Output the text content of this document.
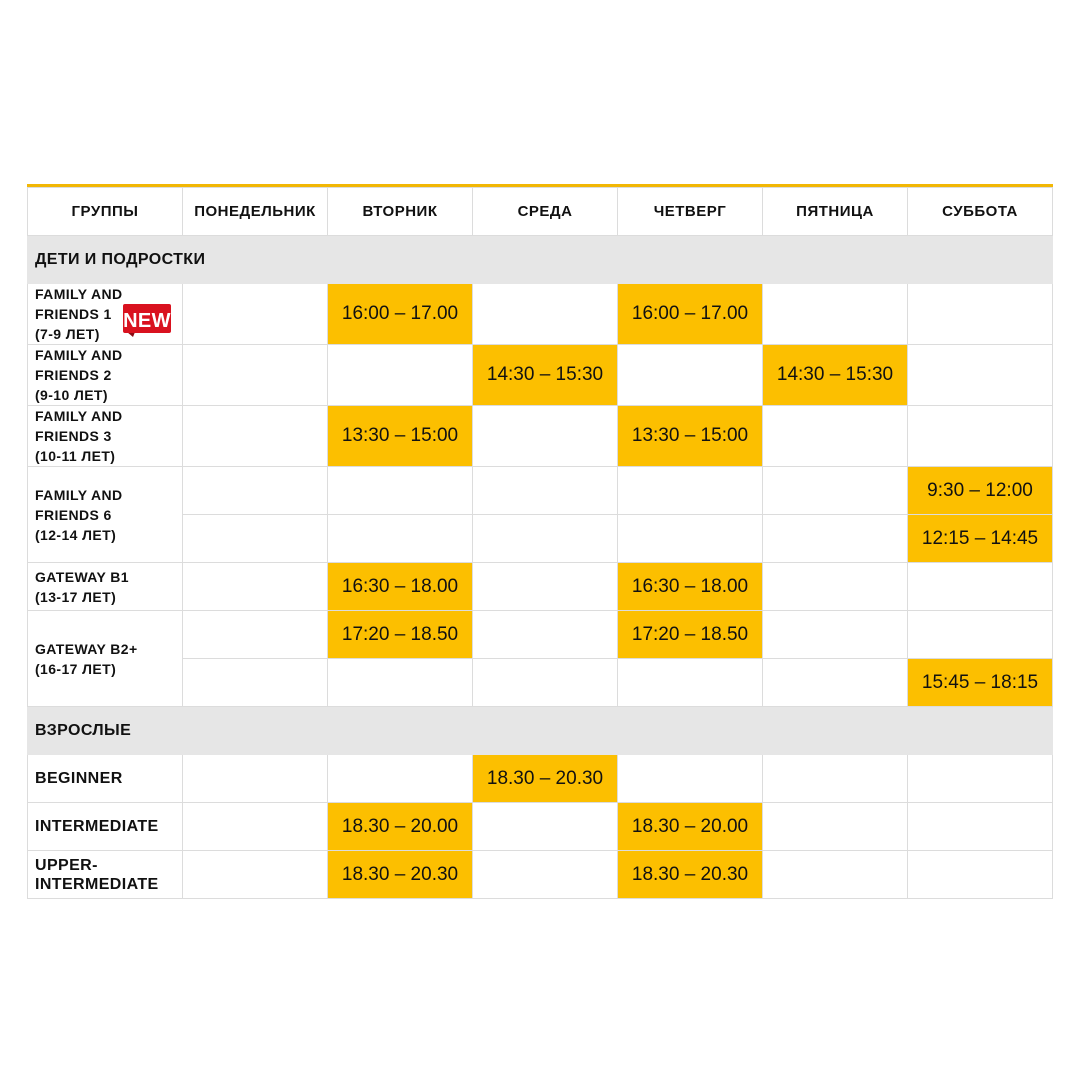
ГРУППЫ	ПОНЕДЕЛЬНИК	ВТОРНИК	СРЕДА	ЧЕТВЕРГ	ПЯТНИЦА	СУББОТА
ДЕТИ И ПОДРОСТКИ						

FAMILY AND
FRIENDS 1
(7-9 ЛЕТ)
NEW		16:00 – 17.00		16:00 – 17.00		

FAMILY AND
FRIENDS 2
(9-10 ЛЕТ)			14:30 – 15:30		14:30 – 15:30	

FAMILY AND
FRIENDS 3
(10-11 ЛЕТ)		13:30 – 15:00		13:30 – 15:00		

FAMILY AND
FRIENDS 6
(12-14 ЛЕТ)						9:30 – 12:00
						12:15 – 14:45

GATEWAY B1
(13-17 ЛЕТ)		16:30 – 18.00		16:30 – 18.00		

GATEWAY B2+
(16-17 ЛЕТ)		17:20 – 18.50		17:20 – 18.50		
						15:45 – 18:15
ВЗРОСЛЫЕ						

BEGINNER			18.30 – 20.30			

INTERMEDIATE		18.30 – 20.00		18.30 – 20.00		

UPPER-
INTERMEDIATE		18.30 – 20.30		18.30 – 20.30		
